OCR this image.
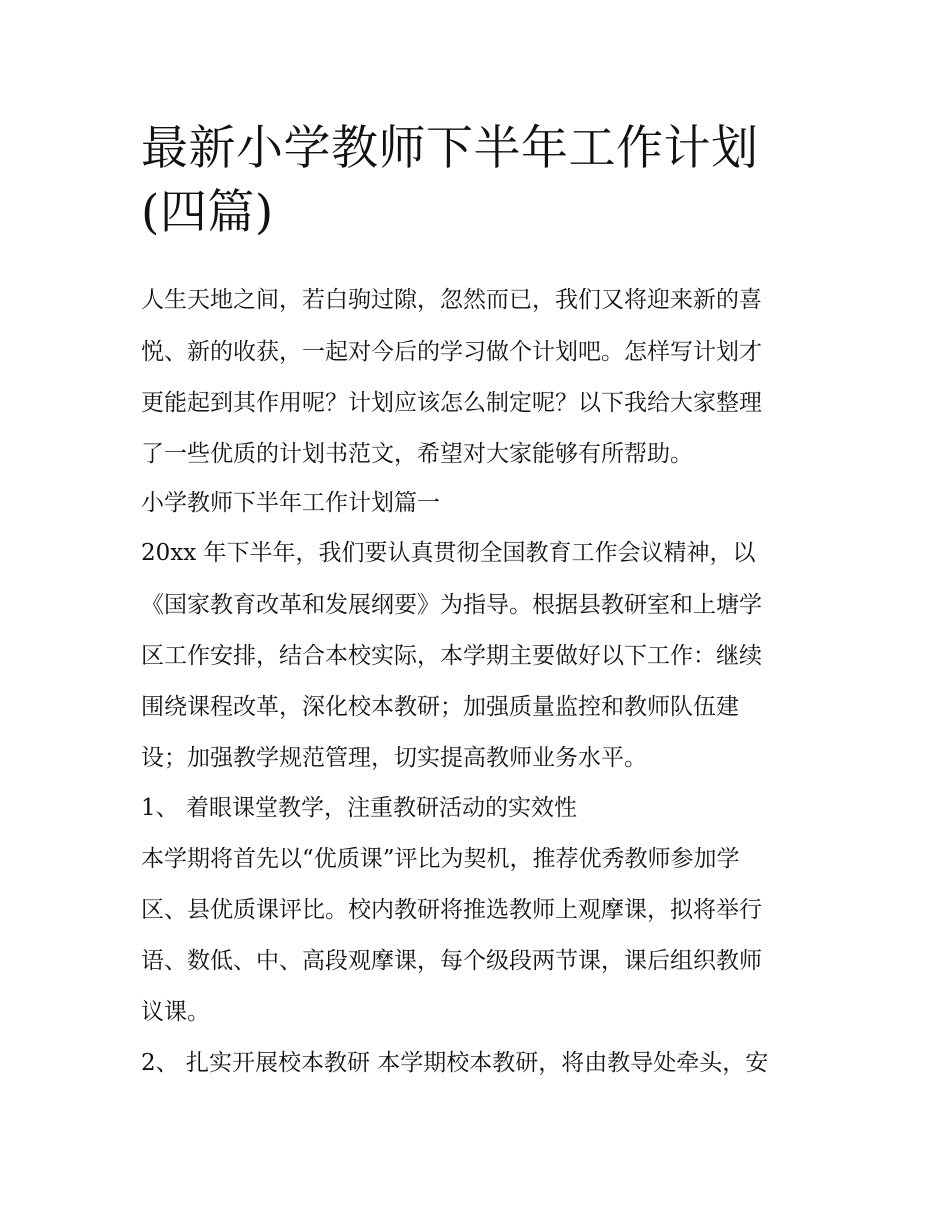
最新小学教师下半年工作计划
(四篇)
人生天地之间，若白驹过隙，忽然而已，我们又将迎来新的喜
悦、新的收获，一起对今后的学习做个计划吧。怎样写计划才
更能起到其作用呢？计划应该怎么制定呢？以下我给大家整理
了一些优质的计划书范文，希望对大家能够有所帮助。
小学教师下半年工作计划篇一
20xx 年下半年，我们要认真贯彻全国教育工作会议精神，以
《国家教育改革和发展纲要》为指导。根据县教研室和上塘学
区工作安排，结合本校实际，本学期主要做好以下工作：继续
围绕课程改革，深化校本教研；加强质量监控和教师队伍建
设；加强教学规范管理，切实提高教师业务水平。
1、 着眼课堂教学，注重教研活动的实效性
本学期将首先以“优质课”评比为契机，推荐优秀教师参加学
区、县优质课评比。校内教研将推选教师上观摩课，拟将举行
语、数低、中、高段观摩课，每个级段两节课，课后组织教师
议课。
2、 扎实开展校本教研 本学期校本教研，将由教导处牵头，安
